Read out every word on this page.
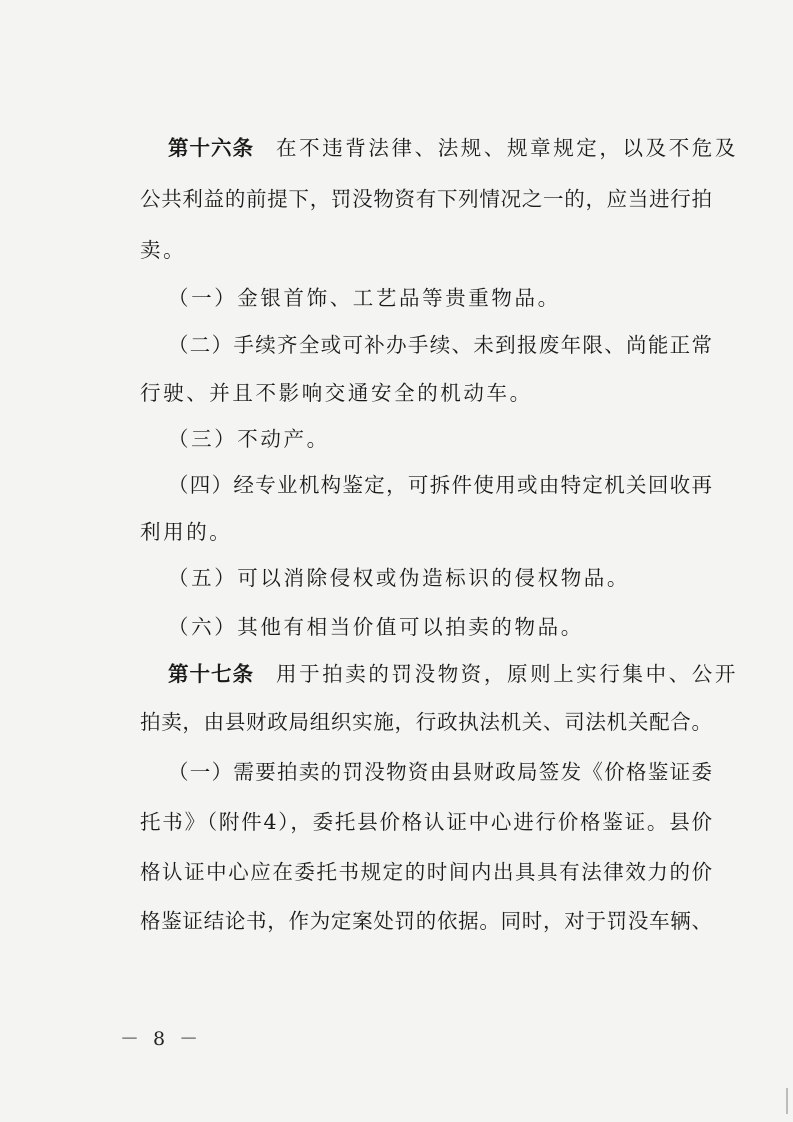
第十六条 在不违背法律、法规、规章规定，以及不危及
公共利益的前提下，罚没物资有下列情况之一的，应当进行拍
卖。
（一）金银首饰、工艺品等贵重物品。
（二）手续齐全或可补办手续、未到报废年限、尚能正常
行驶、并且不影响交通安全的机动车。
（三）不动产。
（四）经专业机构鉴定，可拆件使用或由特定机关回收再
利用的。
（五）可以消除侵权或伪造标识的侵权物品。
（六）其他有相当价值可以拍卖的物品。
第十七条 用于拍卖的罚没物资，原则上实行集中、公开
拍卖，由县财政局组织实施，行政执法机关、司法机关配合。
（一）需要拍卖的罚没物资由县财政局签发《价格鉴证委
托书》（附件4），委托县价格认证中心进行价格鉴证。县价
格认证中心应在委托书规定的时间内出具具有法律效力的价
格鉴证结论书，作为定案处罚的依据。同时，对于罚没车辆、
－ 8 －
